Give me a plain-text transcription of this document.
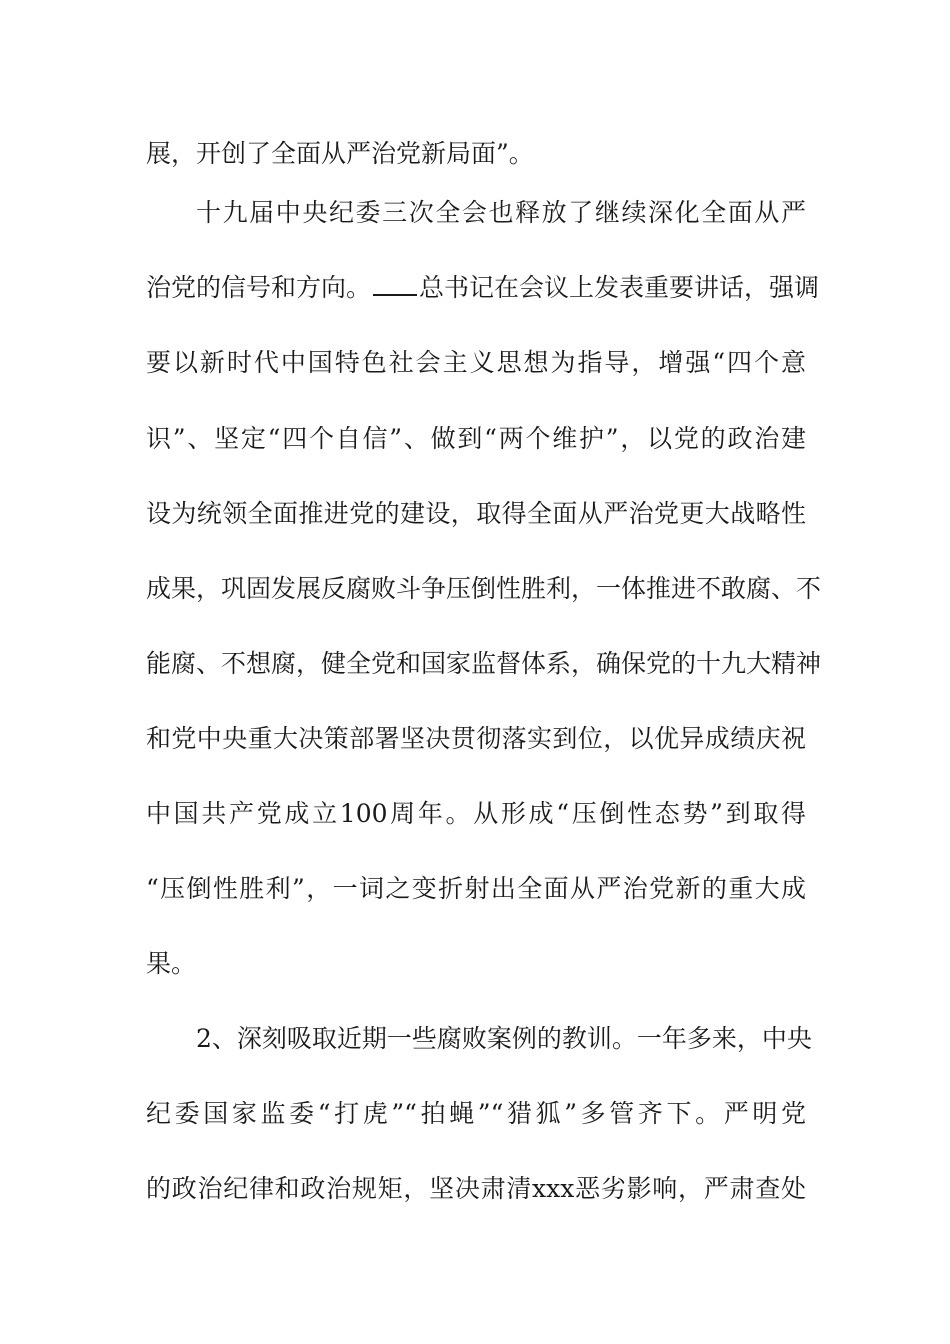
展，开创了全面从严治党新局面”。
十九届中央纪委三次全会也释放了继续深化全面从严
治党的信号和方向。 总书记在会议上发表重要讲话，强调
要以新时代中国特色社会主义思想为指导，增强“四个意
识”、坚定“四个自信”、做到“两个维护”，以党的政治建
设为统领全面推进党的建设，取得全面从严治党更大战略性
成果，巩固发展反腐败斗争压倒性胜利，一体推进不敢腐、不
能腐、不想腐，健全党和国家监督体系，确保党的十九大精神
和党中央重大决策部署坚决贯彻落实到位，以优异成绩庆祝
中国共产党成立100周年。从形成“压倒性态势”到取得
“压倒性胜利”，一词之变折射出全面从严治党新的重大成
果。
2、深刻吸取近期一些腐败案例的教训。一年多来，中央
纪委国家监委“打虎”“拍蝇”“猎狐”多管齐下。严明党
的政治纪律和政治规矩，坚决肃清xxx恶劣影响，严肃查处
